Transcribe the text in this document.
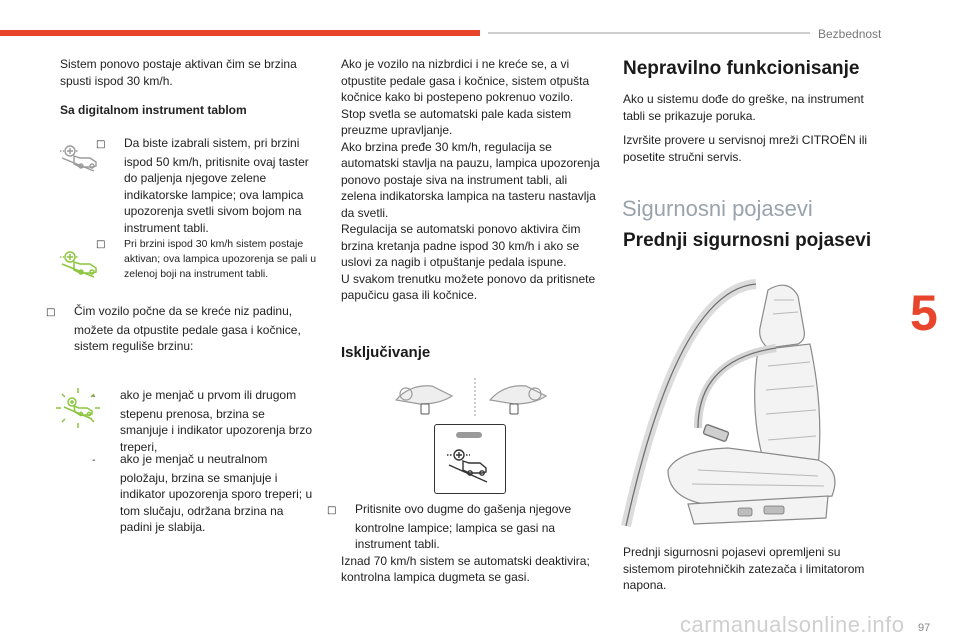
Bezbednost
5
97

Sistem ponovo postaje aktivan čim se brzina spusti ispod 30 km/h.

Sa digitalnom instrument tablom

□ Da biste izabrali sistem, pri brzini ispod 50 km/h, pritisnite ovaj taster do paljenja njegove zelene indikatorske lampice; ova lampica upozorenja svetli sivom bojom na instrument tabli.

□ Pri brzini ispod 30 km/h sistem postaje aktivan; ova lampica upozorenja se pali u zelenoj boji na instrument tabli.

□ Čim vozilo počne da se kreće niz padinu, možete da otpustite pedale gasa i kočnice, sistem reguliše brzinu:

- ako je menjač u prvom ili drugom stepenu prenosa, brzina se smanjuje i indikator upozorenja brzo treperi,

- ako je menjač u neutralnom položaju, brzina se smanjuje i indikator upozorenja sporo treperi; u tom slučaju, održana brzina na padini je slabija.

Ako je vozilo na nizbrdici i ne kreće se, a vi otpustite pedale gasa i kočnice, sistem otpušta kočnice kako bi postepeno pokrenuo vozilo.

Stop svetla se automatski pale kada sistem preuzme upravljanje.

Ako brzina pređe 30 km/h, regulacija se automatski stavlja na pauzu, lampica upozorenja ponovo postaje siva na instrument tabli, ali zelena indikatorska lampica na tasteru nastavlja da svetli.

Regulacija se automatski ponovo aktivira čim brzina kretanja padne ispod 30 km/h i ako se uslovi za nagib i otpuštanje pedala ispune.

U svakom trenutku možete ponovo da pritisnete papučicu gasa ili kočnice.

Isključivanje

□ Pritisnite ovo dugme do gašenja njegove kontrolne lampice; lampica se gasi na instrument tabli.

Iznad 70 km/h sistem se automatski deaktivira; kontrolna lampica dugmeta se gasi.

Nepravilno funkcionisanje

Ako u sistemu dođe do greške, na instrument tabli se prikazuje poruka.

Izvršite provere u servisnoj mreži CITROËN ili posetite stručni servis.

Sigurnosni pojasevi
Prednji sigurnosni pojasevi
Prednji sigurnosni pojasevi opremljeni su sistemom pirotehničkih zatezača i limitatorom napona.
carmanualsonline.info
